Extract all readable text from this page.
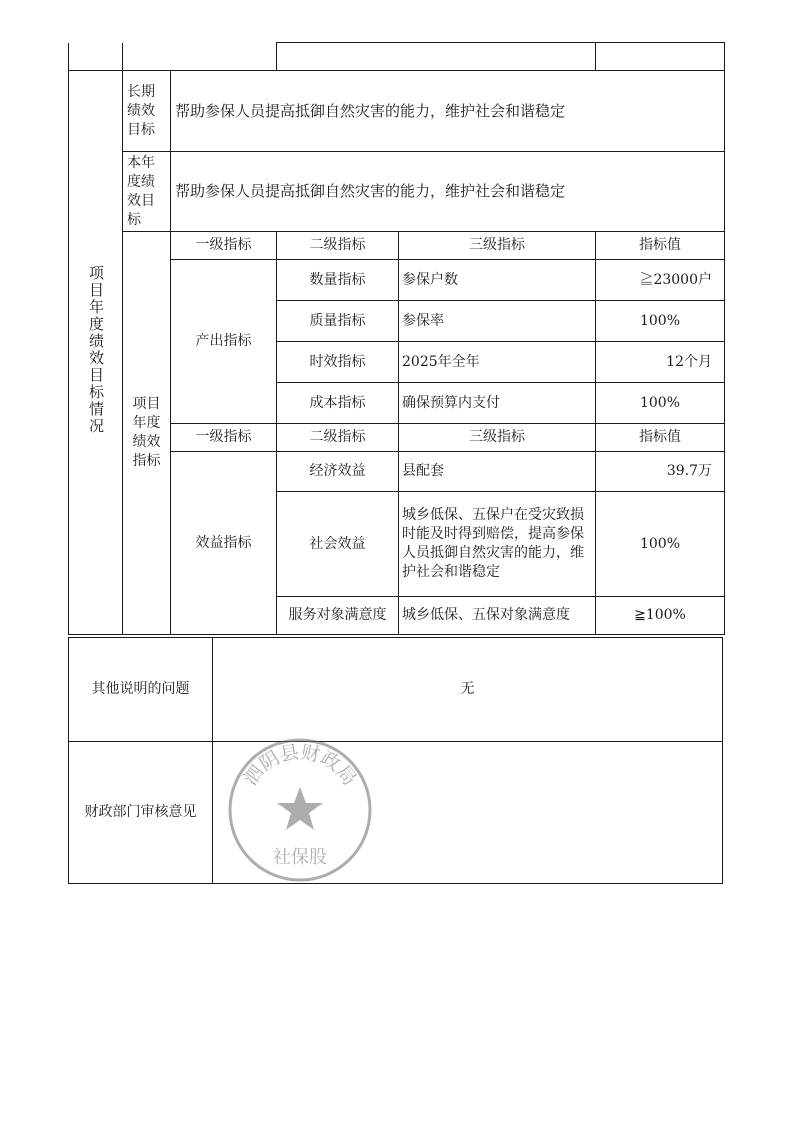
项目年度绩效目标情况	长期绩效目标	帮助参保人员提高抵御自然灾害的能力，维护社会和谐稳定			
	本年度绩效目标	帮助参保人员提高抵御自然灾害的能力，维护社会和谐稳定			
	项目年度绩效指标	一级指标	二级指标	三级指标	指标值
		产出指标	数量指标	参保户数	≧23000户
			质量指标	参保率	100%
			时效指标	2025年全年	12个月
			成本指标	确保预算内支付	100%
		一级指标	二级指标	三级指标	指标值
		效益指标	经济效益	县配套	39.7万
			社会效益	城乡低保、五保户在受灾致损时能及时得到赔偿，提高参保人员抵御自然灾害的能力，维护社会和谐稳定	100%
			服务对象满意度	城乡低保、五保对象满意度	≧100%
其他说明的问题	无
财政部门审核意见	
泗阴县财政局
社保股
